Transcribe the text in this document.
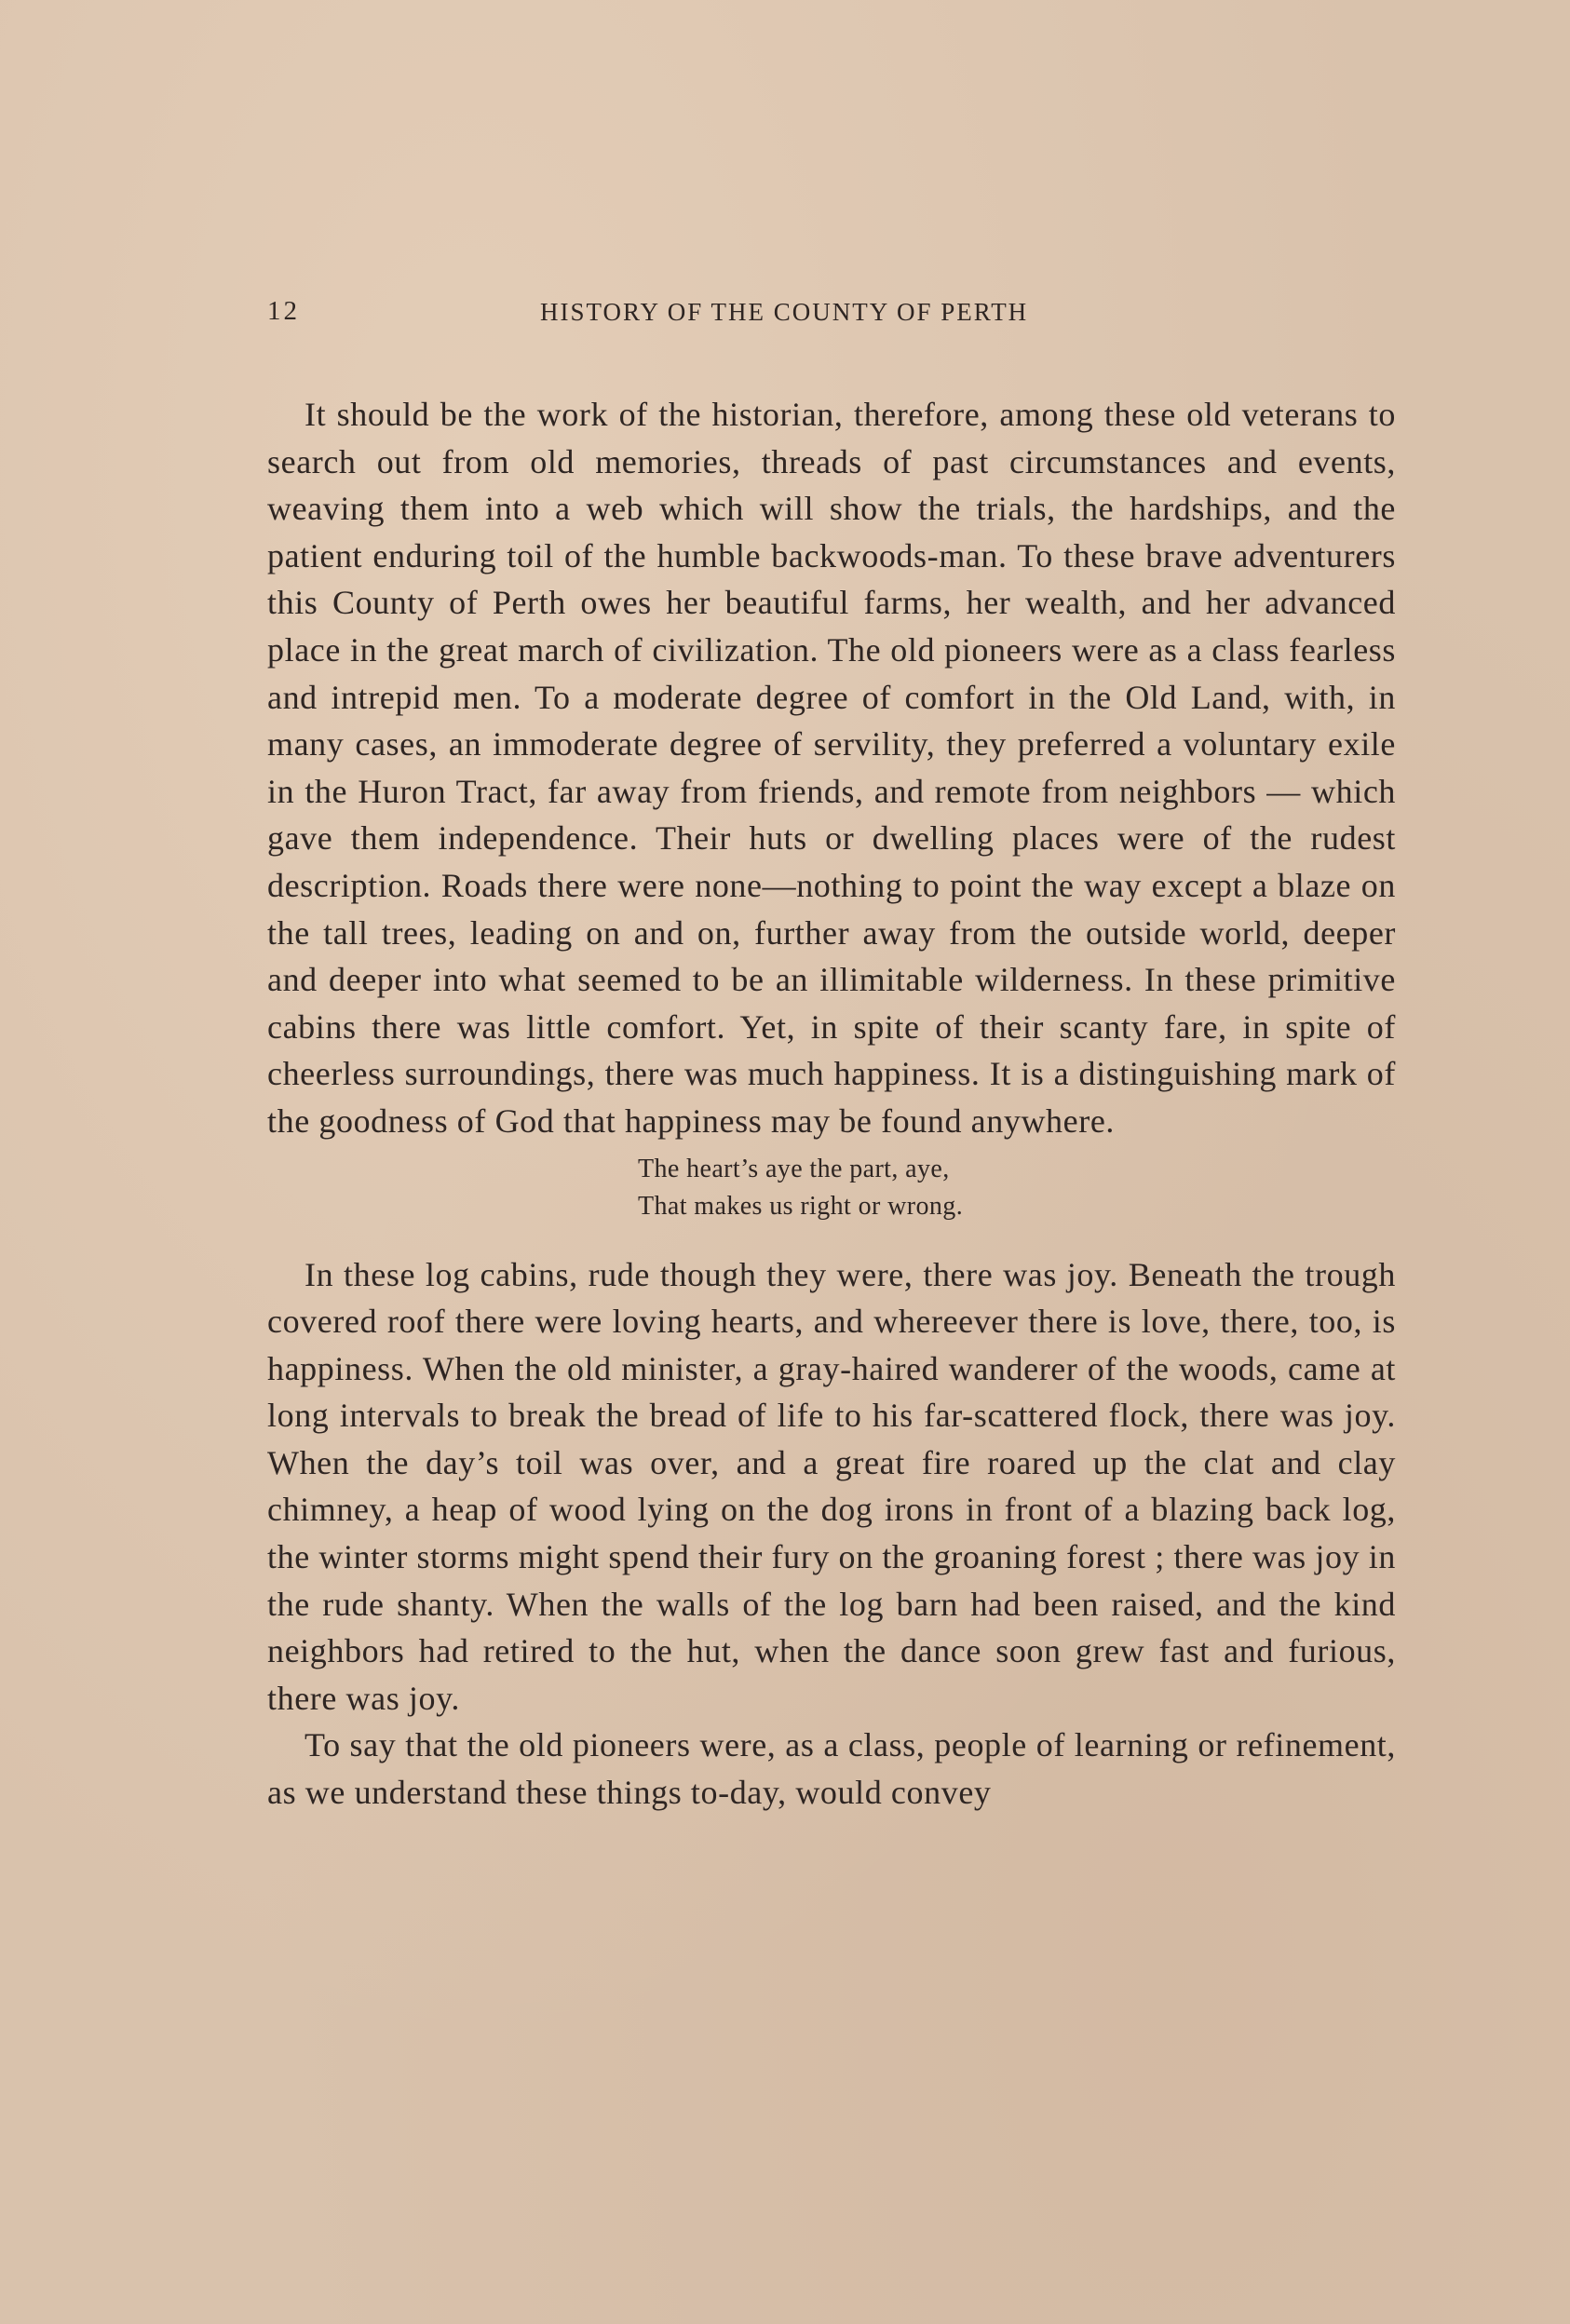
12	HISTORY OF THE COUNTY OF PERTH

It should be the work of the historian, therefore, among these old veterans to search out from old memories, threads of past circumstances and events, weaving them into a web which will show the trials, the hardships, and the patient enduring toil of the humble backwoods-man. To these brave adventurers this County of Perth owes her beautiful farms, her wealth, and her advanced place in the great march of civilization. The old pioneers were as a class fearless and intrepid men. To a moderate degree of comfort in the Old Land, with, in many cases, an immoderate degree of servility, they preferred a voluntary exile in the Huron Tract, far away from friends, and remote from neighbors — which gave them independence. Their huts or dwelling places were of the rudest description. Roads there were none—nothing to point the way except a blaze on the tall trees, leading on and on, further away from the outside world, deeper and deeper into what seemed to be an illimitable wilderness. In these primitive cabins there was little comfort. Yet, in spite of their scanty fare, in spite of cheerless surroundings, there was much happiness. It is a distinguishing mark of the goodness of God that happiness may be found anywhere.

The heart’s aye the part, aye,
That makes us right or wrong.

In these log cabins, rude though they were, there was joy. Beneath the trough covered roof there were loving hearts, and whereever there is love, there, too, is happiness. When the old minister, a gray-haired wanderer of the woods, came at long intervals to break the bread of life to his far-scattered flock, there was joy. When the day’s toil was over, and a great fire roared up the clat and clay chimney, a heap of wood lying on the dog irons in front of a blazing back log, the winter storms might spend their fury on the groaning forest ; there was joy in the rude shanty. When the walls of the log barn had been raised, and the kind neighbors had retired to the hut, when the dance soon grew fast and furious, there was joy.

To say that the old pioneers were, as a class, people of learning or refinement, as we understand these things to-day, would convey
